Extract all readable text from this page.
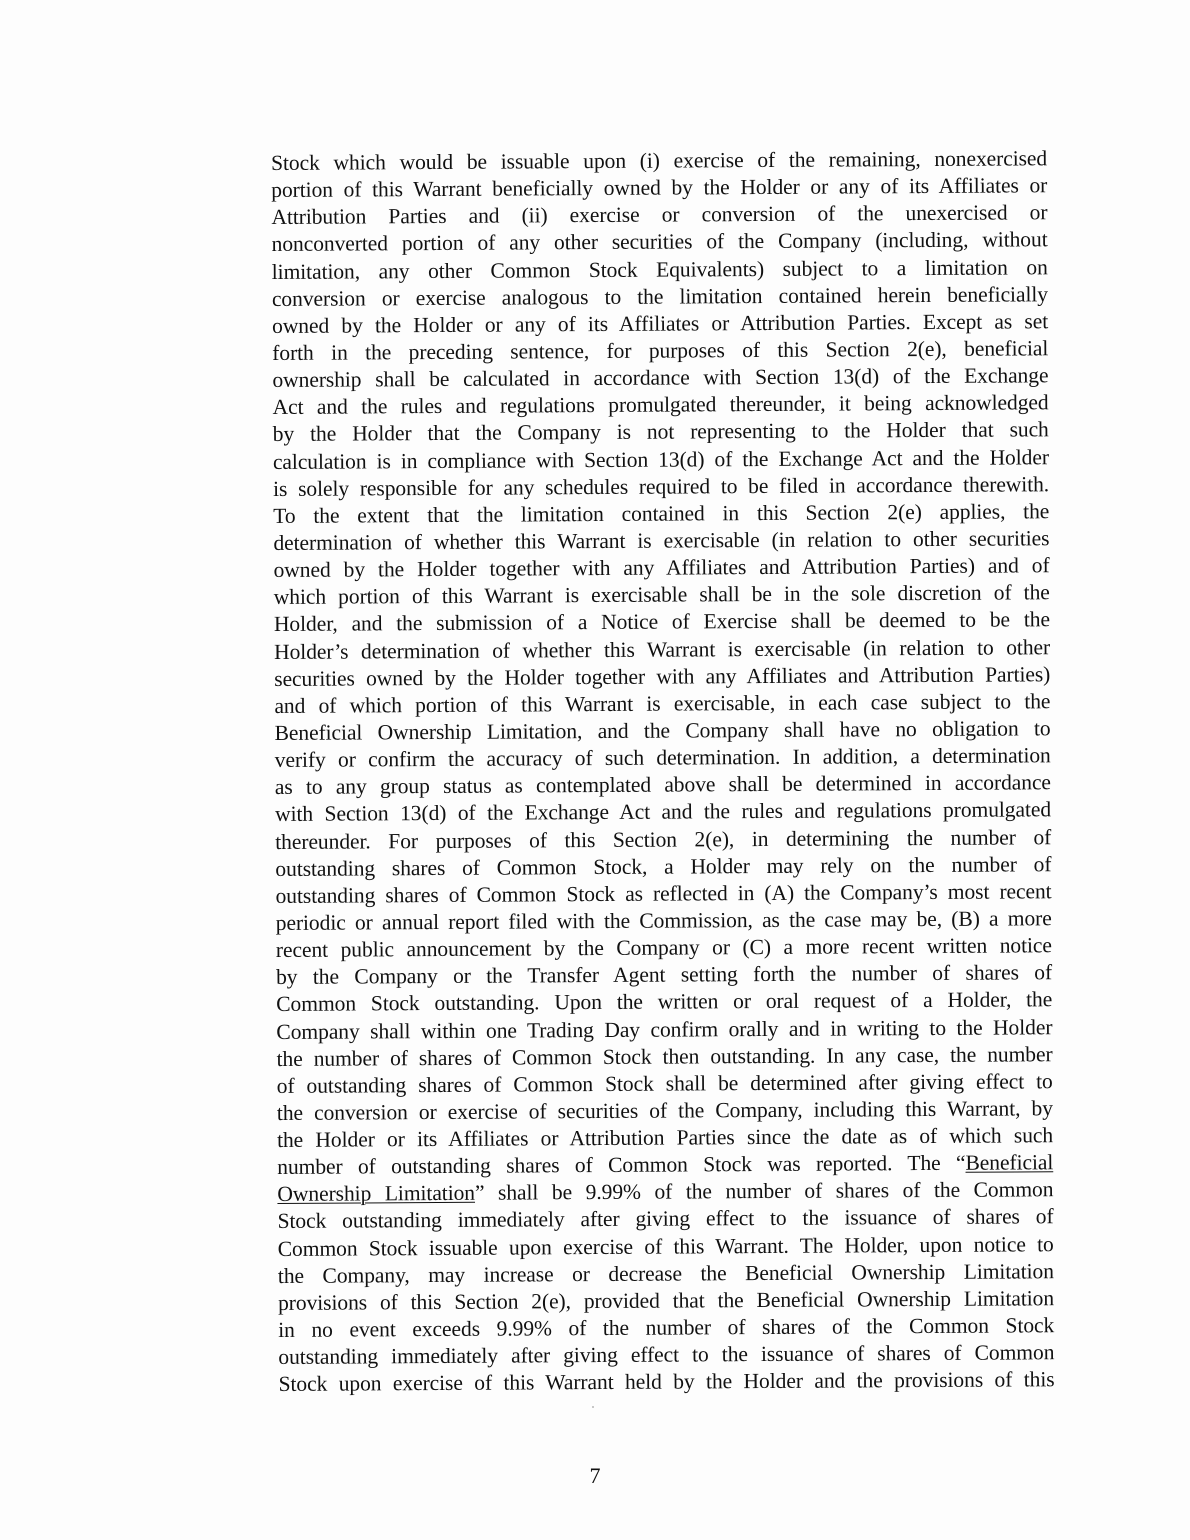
Stock which would be issuable upon (i) exercise of the remaining, nonexercised
portion of this Warrant beneficially owned by the Holder or any of its Affiliates or
Attribution Parties and (ii) exercise or conversion of the unexercised or
nonconverted portion of any other securities of the Company (including, without
limitation, any other Common Stock Equivalents) subject to a limitation on
conversion or exercise analogous to the limitation contained herein beneficially
owned by the Holder or any of its Affiliates or Attribution Parties. Except as set
forth in the preceding sentence, for purposes of this Section 2(e), beneficial
ownership shall be calculated in accordance with Section 13(d) of the Exchange
Act and the rules and regulations promulgated thereunder, it being acknowledged
by the Holder that the Company is not representing to the Holder that such
calculation is in compliance with Section 13(d) of the Exchange Act and the Holder
is solely responsible for any schedules required to be filed in accordance therewith.
To the extent that the limitation contained in this Section 2(e) applies, the
determination of whether this Warrant is exercisable (in relation to other securities
owned by the Holder together with any Affiliates and Attribution Parties) and of
which portion of this Warrant is exercisable shall be in the sole discretion of the
Holder, and the submission of a Notice of Exercise shall be deemed to be the
Holder’s determination of whether this Warrant is exercisable (in relation to other
securities owned by the Holder together with any Affiliates and Attribution Parties)
and of which portion of this Warrant is exercisable, in each case subject to the
Beneficial Ownership Limitation, and the Company shall have no obligation to
verify or confirm the accuracy of such determination. In addition, a determination
as to any group status as contemplated above shall be determined in accordance
with Section 13(d) of the Exchange Act and the rules and regulations promulgated
thereunder. For purposes of this Section 2(e), in determining the number of
outstanding shares of Common Stock, a Holder may rely on the number of
outstanding shares of Common Stock as reflected in (A) the Company’s most recent
periodic or annual report filed with the Commission, as the case may be, (B) a more
recent public announcement by the Company or (C) a more recent written notice
by the Company or the Transfer Agent setting forth the number of shares of
Common Stock outstanding. Upon the written or oral request of a Holder, the
Company shall within one Trading Day confirm orally and in writing to the Holder
the number of shares of Common Stock then outstanding. In any case, the number
of outstanding shares of Common Stock shall be determined after giving effect to
the conversion or exercise of securities of the Company, including this Warrant, by
the Holder or its Affiliates or Attribution Parties since the date as of which such
number of outstanding shares of Common Stock was reported. The “Beneficial
Ownership Limitation” shall be 9.99% of the number of shares of the Common
Stock outstanding immediately after giving effect to the issuance of shares of
Common Stock issuable upon exercise of this Warrant. The Holder, upon notice to
the Company, may increase or decrease the Beneficial Ownership Limitation
provisions of this Section 2(e), provided that the Beneficial Ownership Limitation
in no event exceeds 9.99% of the number of shares of the Common Stock
outstanding immediately after giving effect to the issuance of shares of Common
Stock upon exercise of this Warrant held by the Holder and the provisions of this
7
